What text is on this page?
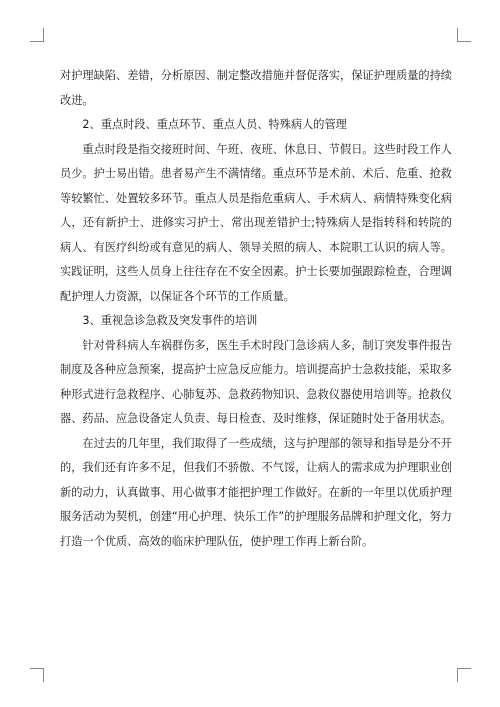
对护理缺陷、差错，分析原因、制定整改措施并督促落实，保证护理质量的持续改进。

2、重点时段、重点环节、重点人员、特殊病人的管理

重点时段是指交接班时间、午班、夜班、休息日、节假日。这些时段工作人员少。护士易出错。患者易产生不满情绪。重点环节是术前、术后、危重、抢救等较繁忙、处置较多环节。重点人员是指危重病人、手术病人、病情特殊变化病人，还有新护士、进修实习护士、常出现差错护士;特殊病人是指转科和转院的病人、有医疗纠纷或有意见的病人、领导关照的病人、本院职工认识的病人等。实践证明，这些人员身上往往存在不安全因素。护士长要加强跟踪检查，合理调配护理人力资源，以保证各个环节的工作质量。

3、重视急诊急救及突发事件的培训

针对骨科病人车祸群伤多，医生手术时段门急诊病人多，制订突发事件报告制度及各种应急预案，提高护士应急反应能力。培训提高护士急救技能，采取多种形式进行急救程序、心肺复苏、急救药物知识、急救仪器使用培训等。抢救仪器、药品、应急设备定人负责、每日检查、及时维修，保证随时处于备用状态。

在过去的几年里，我们取得了一些成绩，这与护理部的领导和指导是分不开的，我们还有许多不足，但我们不骄傲、不气馁，让病人的需求成为护理职业创新的动力，认真做事、用心做事才能把护理工作做好。在新的一年里以优质护理服务活动为契机，创建“用心护理、快乐工作”的护理服务品牌和护理文化，努力打造一个优质、高效的临床护理队伍，使护理工作再上新台阶。
